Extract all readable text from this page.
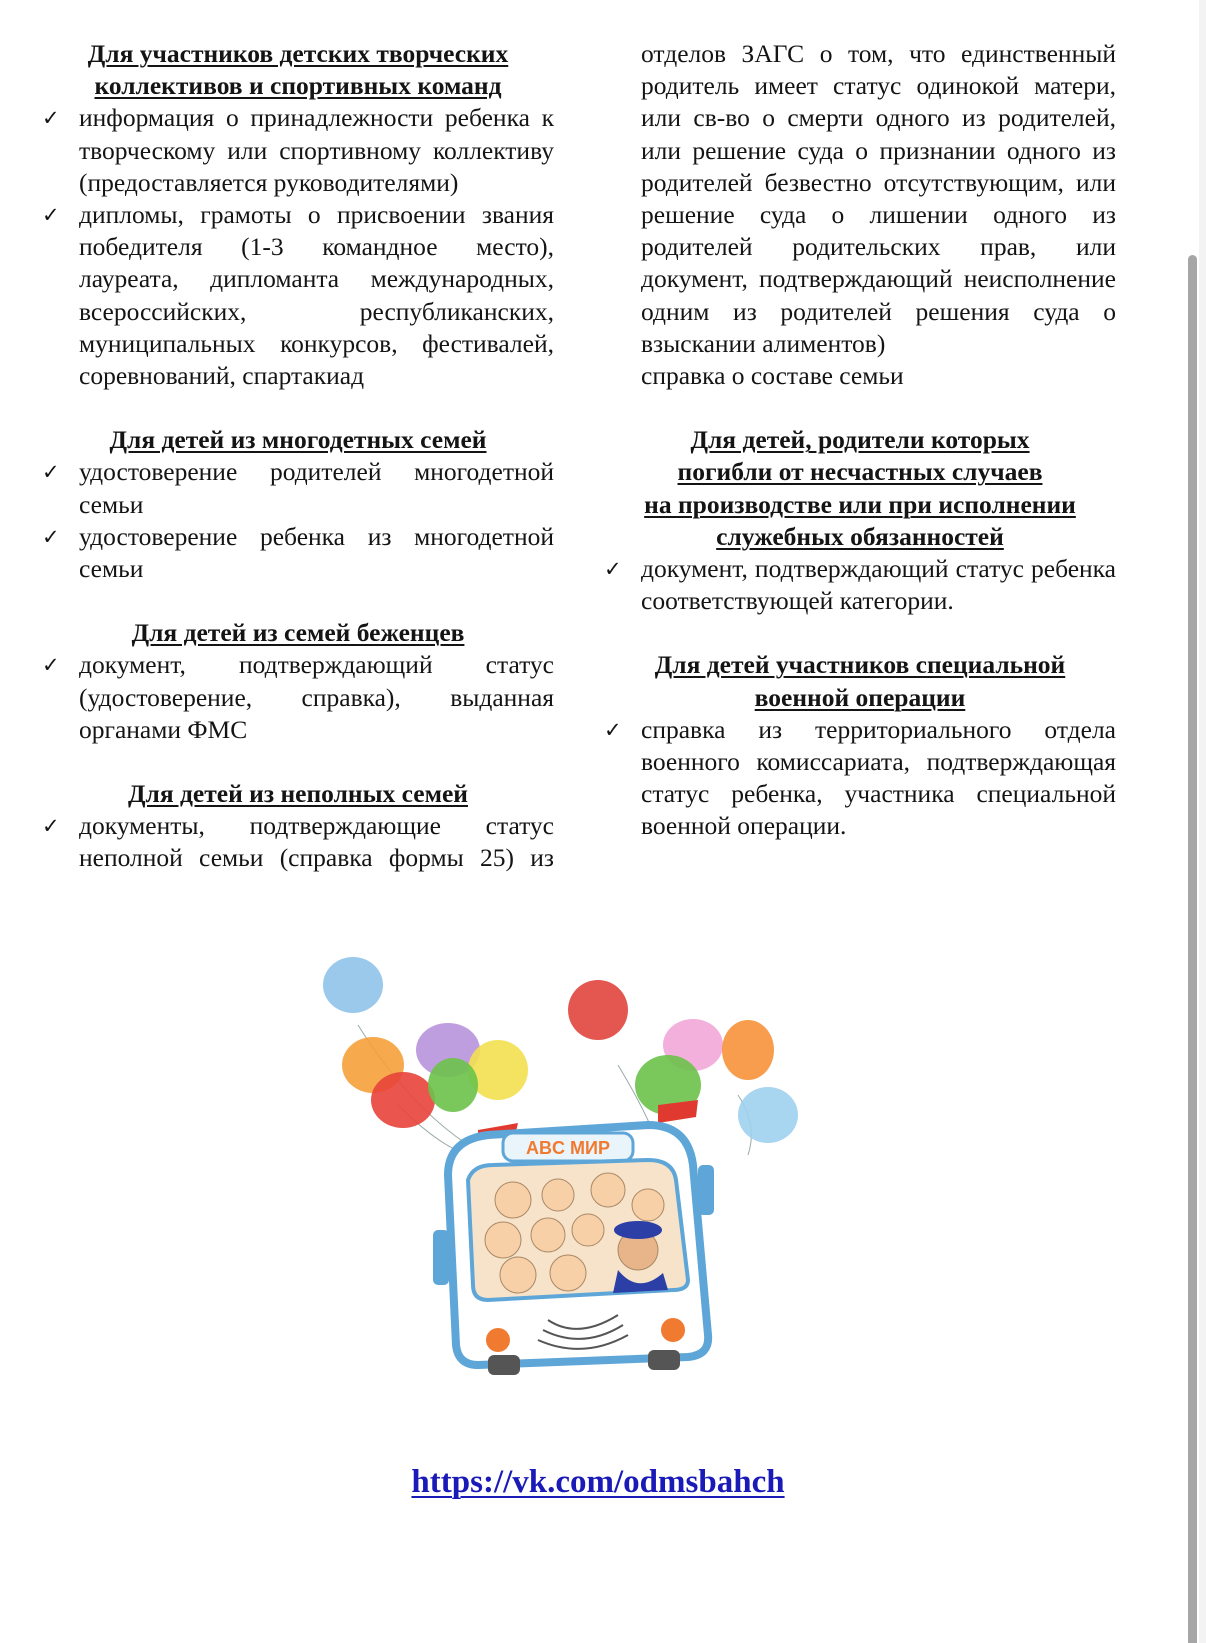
Для участников детских творческих
коллективов и спортивных команд
✓ информация о принадлежности ребенка к творческому или спортивному коллективу (предоставляется руководителями)
✓ дипломы, грамоты о присвоении звания победителя (1-3 командное место), лауреата, дипломанта международных, всероссийских, республиканских, муниципальных конкурсов, фестивалей, соревнований, спартакиад
Для детей из многодетных семей
✓ удостоверение родителей многодетной семьи
✓ удостоверение ребенка из многодетной семьи
Для детей из семей беженцев
✓ документ, подтверждающий статус (удостоверение, справка), выданная органами ФМС
Для детей из неполных семей
✓ документы, подтверждающие статус неполной семьи (справка формы 25) из
отделов ЗАГС о том, что единственный родитель имеет статус одинокой матери, или св-во о смерти одного из родителей, или решение суда о признании одного из родителей безвестно отсутствующим, или решение суда о лишении одного из родителей родительских прав, или документ, подтверждающий неисполнение одним из родителей решения суда о взыскании алиментов)
справка о составе семьи
Для детей, родители которых
погибли от несчастных случаев
на производстве или при исполнении
служебных обязанностей
✓ документ, подтверждающий статус ребенка соответствующей категории.
Для детей участников специальной
военной операции
✓ справка из территориального отдела военного комиссариата, подтверждающая статус ребенка, участника специальной военной операции.
ABC МИР
https://vk.com/odmsbahch
